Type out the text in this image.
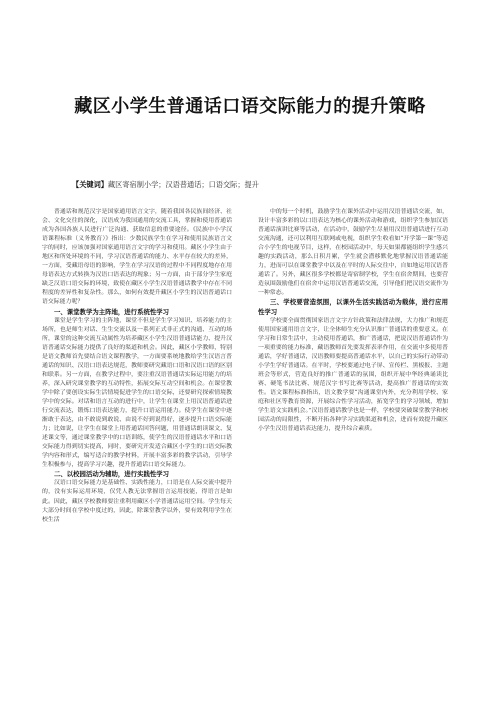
藏区小学生普通话口语交际能力的提升策略
【关键词】藏区寄宿制小学；汉语普通话；口语交际；提升

普通话和规范汉字是国家通用语言文字，随着我国各民族间经济、社会、文化交往的深化，汉语成为我国通用的交流工具，掌握和使用普通话成为各国各族人民进行广泛沟通、获取信息的重要途径。《民族中小学汉语课程标准（义务教育）》指出：少数民族学生在学习和使用民族语言文字的同时，应该加强对国家通用语言文字的学习和使用。藏区小学生由于地区和所处环境的不同，学习汉语普通话的能力、水平存在较大的差异，一方面，受藏语母语的影响，学生在学习汉语的过程中不同程度地存在用母语表达方式转换为汉语口语表达的现象；另一方面，由于部分学生家庭缺乏汉语口语交际的环境，致使在藏区小学生汉语普通话教学中存在不同程度的差异性和复杂性。那么，如何有效提升藏区小学生的汉语普通话口语交际能力呢？

一、课堂教学为主阵地，进行系统性学习

课堂是学生学习的主阵地，课堂不但是学生学习知识、培养能力的主场所，也是师生对话、生生交流以及一系列正式非正式的沟通、互动的场所，课堂的这种交流互动属性为培养藏区小学生汉语普通话能力、提升汉语普通话交际能力提供了良好的渠道和机会。因此，藏区小学教师，特别是语文教师首先要结合语文课程教学，一方面要系统地教给学生汉语言普通话的知识、汉语口语表达规范，教师要研究藏语口语和汉语口语的区别和联系。另一方面，在教学过程中，要注重汉语普通话实际运用能力的培养，深入研究课堂教学的互动特性，拓展交际互动空间和机会。在课堂教学中除了要创设实际生活情境促进学生的口语交际，还要研究探索情境教学中的交际。对话和语言互动的进行中，让学生在课堂上用汉语普通话进行交流表达，锻炼口语表达能力，提升口语运用能力。使学生在课堂中逐渐敢于表达，由不敢说到敢说、由说不好到说得好，逐步提升口语交际能力；比如说，让学生在课堂上用普通话回答问题，用普通话朗读课文、复述课文等，通过课堂教学中的口语训练，使学生的汉语普通话水平和口语交际能力得到切实提高，同时，要研究开发适合藏区小学生的口语交际教学内容和形式，编写适合的教学材料，开展丰富多彩的教学活动，引导学生积极参与，提高学习兴趣，提升普通话口语交际能力。

二、以校园活动为辅助，进行实践性学习

汉语口语交际能力是基础性、实践性能力，口语是在人际交流中提升的，没有实际运用环境，仅凭人教无法掌握语言运用技能，得语言是如此。因此，藏区学校教师要注重利用藏区小学普通话运用空间。学生每天大部分时间在学校中度过的，因此，除课堂教学以外，要有效利用学生在校生活

中的每一个时机，鼓励学生在课外活动中运用汉语普通话交流，如，设计丰富多彩的以口语表达为核心的课外活动和游戏，组织学生参加汉语普通话演讲比赛等活动，在活动中，鼓励学生尽量用汉语普通话进行互动交流沟通，还可以利用互联网或电视，组织学生收看如“开学第一课”等适合小学生的电视节目，这样，在校园活动中，每天如果都能组织学生感兴趣的实践活动，那么日积月累，学生就会潜移默化地掌握汉语普通话能力，进而可以在课堂教学中以及在平时的人际交往中，自如地运用汉语普通话了。另外，藏区很多学校都是寄宿制学校，学生在宿舍期间，也要营造氛围鼓励他们在宿舍中运用汉语普通话交流，引导他们把汉语交流作为一种常态。

三、学校要营造氛围，以课外生活实践活动为载体，进行应用性学习

学校要全面贯彻国家语言文字方针政策和法律法规，大力推广和规范使用国家通用语言文字，让全体师生充分认识推广普通话的重要意义。在学习和日常生活中，主动使用普通话，推广普通话，把说汉语普通话作为一项重要的能力标准，藏语教师首先要发挥表率作用，在交流中多使用普通话，学好普通话，汉语教师要提高普通话水平，以自己的实际行动带动小学生学好普通话。在平时，学校要通过电子屏、宣传栏、黑板报、主题班会等形式，营造良好的推广普通话的氛围，组织开展中华经典诵读比赛、硬笔书法比赛、规范汉字书写比赛等活动，提高推广普通话的实效性。语文课程标准指出，语文教学要“沟通课堂内外，充分利用学校、家庭和社区等教育资源，开展综合性学习活动，拓宽学生的学习领域，增加学生语文实践机会。”汉语普通话教学也是一样，学校要突破课堂教学和校园活动的局限性，不断开拓各种学习实践渠道和机会，进而有效提升藏区小学生汉语普通话表达能力，提升综合素质。
